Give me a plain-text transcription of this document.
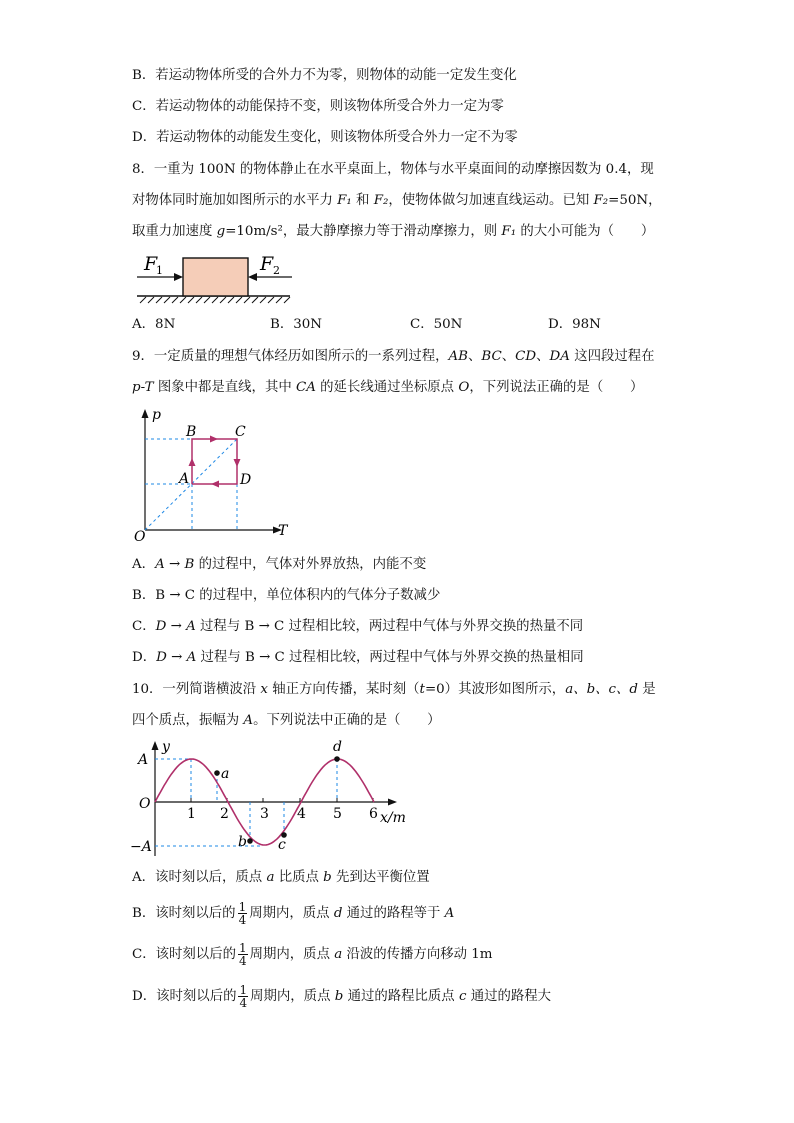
B．若运动物体所受的合外力不为零，则物体的动能一定发生变化
C．若运动物体的动能保持不变，则该物体所受合外力一定为零
D．若运动物体的动能发生变化，则该物体所受合外力一定不为零
8．一重为 100N 的物体静止在水平桌面上，物体与水平桌面间的动摩擦因数为 0.4，现
对物体同时施加如图所示的水平力 F₁ 和 F₂，使物体做匀加速直线运动。已知 F₂=50N，
取重力加速度 g=10m/s²，最大静摩擦力等于滑动摩擦力，则 F₁ 的大小可能为（　　）
F
1	F 2
A．8N	B．30N	C．50N	D．98N
9．一定质量的理想气体经历如图所示的一系列过程，AB、BC、CD、DA 这四段过程在
p-T 图象中都是直线，其中 CA 的延长线通过坐标原点 O，下列说法正确的是（　　）
p
T
O
A
B	C
D
A．A → B 的过程中，气体对外界放热，内能不变
B．B → C 的过程中，单位体积内的气体分子数减少
C．D → A 过程与 B → C 过程相比较，两过程中气体与外界交换的热量不同
D．D → A 过程与 B → C 过程相比较，两过程中气体与外界交换的热量相同
10．一列简谐横波沿 x 轴正方向传播，某时刻（t=0）其波形如图所示，a、b、c、d 是
四个质点，振幅为 A。下列说法中正确的是（　　）
y
A
−A
O
x/m
1 2 3 4 5 6
a
b c
d
A．该时刻以后，质点 a 比质点 b 先到达平衡位置
B．该时刻以后的 $\frac{1}{4}$ 周期内，质点 d 通过的路程等于 A
C．该时刻以后的 $\frac{1}{4}$ 周期内，质点 a 沿波的传播方向移动 1m
D．该时刻以后的 $\frac{1}{4}$ 周期内，质点 b 通过的路程比质点 c 通过的路程大
